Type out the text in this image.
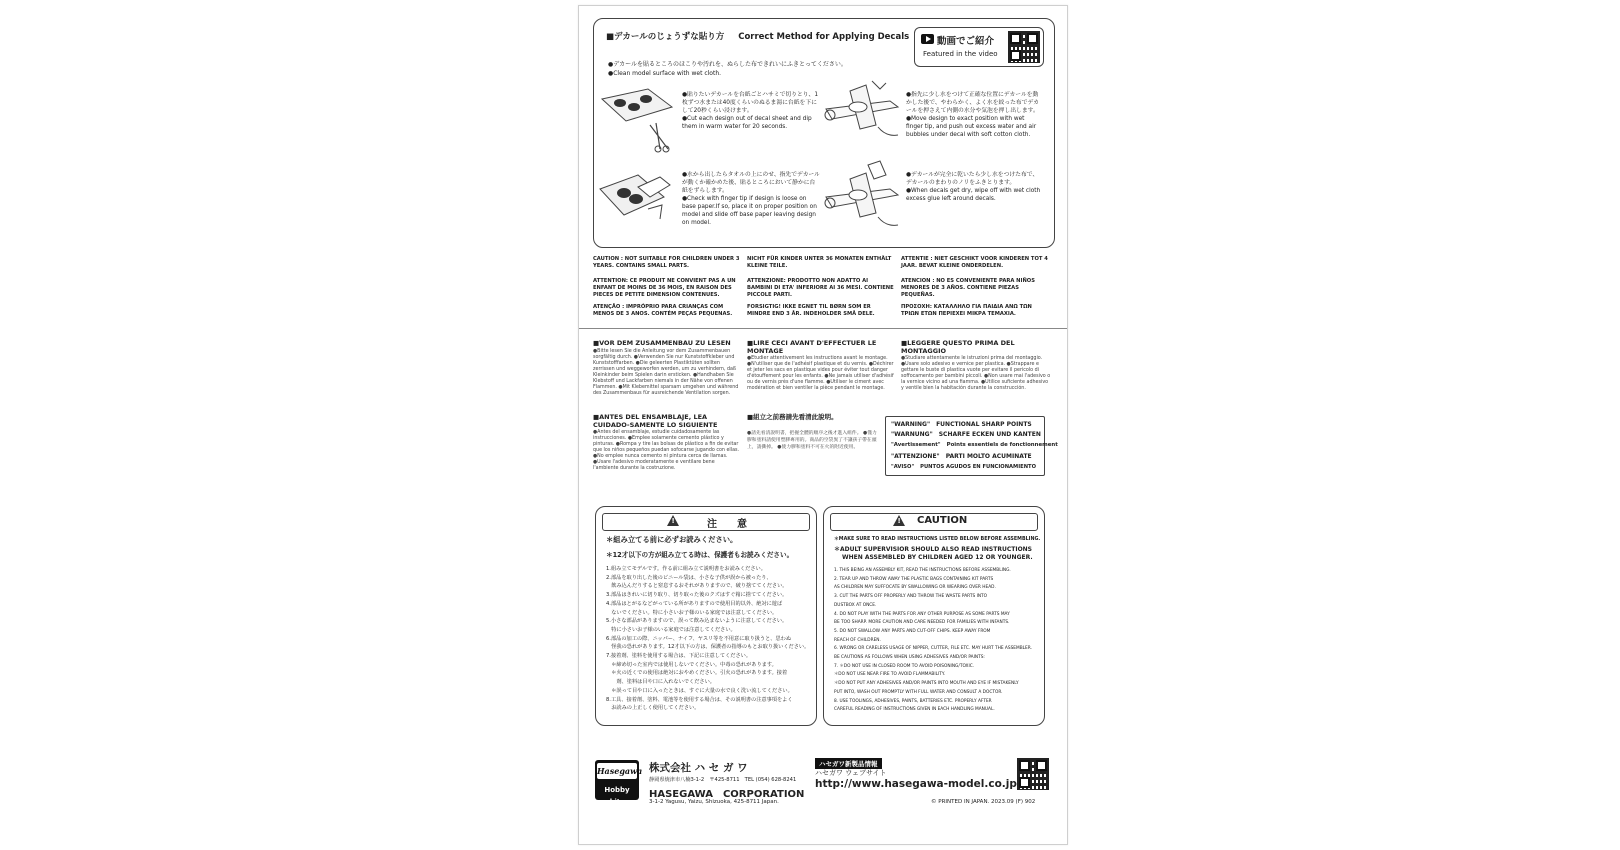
■デカールのじょうずな貼り方 Correct Method for Applying Decals	動画でご紹介
Featured in the video
●デカールを貼るところのほこりや汚れを、ぬらした布できれいにふきとってください。
●Clean model surface with wet cloth.
●貼りたいデカールを台紙ごとハサミで切りとり、1枚ずつ水または40度くらいのぬるま湯に台紙を下にして20秒くらい浸けます。
●Cut each design out of decal sheet and dip them in warm water for 20 seconds.
●指先に少し水をつけて正確な位置にデカールを動かした後で、やわらかく、よく水を絞った布でデカールを押さえて内側の水分や気泡を押し出します。
●Move design to exact position with wet finger tip, and push out excess water and air bubbles under decal with soft cotton cloth.
●水から出したらタオルの上にのせ、指先でデカールが動くか確かめた後、貼るところにおいて静かに台紙をずらします。
●Check with finger tip if design is loose on base paper.If so, place it on proper position on model and slide off base paper leaving design on model.
●デカールが完全に乾いたら少し水をつけた布で、デカールのまわりのノリをふきとります。
●When decals get dry, wipe off with wet cloth excess glue left around decals.
CAUTION : NOT SUITABLE FOR CHILDREN UNDER 3 YEARS. CONTAINS SMALL PARTS.
NICHT FÜR KINDER UNTER 36 MONATEN ENTHÄLT KLEINE TEILE.
ATTENTIE : NIET GESCHIKT VOOR KINDEREN TOT 4 JAAR. BEVAT KLEINE ONDERDELEN.
ATTENTION: CE PRODUIT NE CONVIENT PAS A UN ENFANT DE MOINS DE 36 MOIS, EN RAISON DES PIECES DE PETITE DIMENSION CONTENUES.
ATTENZIONE: PRODOTTO NON ADATTO AI BAMBINI DI ETA' INFERIORE AI 36 MESI. CONTIENE PICCOLE PARTI.
ATENCION : NO ES CONVENIENTE PARA NIÑOS MENORES DE 3 AÑOS. CONTIENE PIEZAS PEQUEÑAS.
ATENÇÃO : IMPRÓPRIO PARA CRIANÇAS COM MENOS DE 3 ANOS. CONTÉM PEÇAS PEQUENAS.
FORSIGTIG! IKKE EGNET TIL BØRN SOM ER MINDRE END 3 ÅR. INDEHOLDER SMÅ DELE.
ΠΡΟΣΟΧΗ: ΚΑΤΑΛΛΗΛΟ ΓΙΑ ΠΑΙΔΙΑ ΑΝΩ ΤΩΝ ΤΡΙΩΝ ΕΤΩΝ ΠΕΡΙΕΧΕΙ ΜΙΚΡΑ ΤΕΜΑΧΙΑ.
■VOR DEM ZUSAMMENBAU ZU LESEN
●Bitte lesen Sie die Anleitung vor dem Zusammenbauen sorgfältig durch. ●Verwenden Sie nur Kunststoffkleber und Kunststofffarben. ●Die geleerten Plastiktüten sollten zerrissen und weggeworfen werden, um zu verhindern, daß Kleinkinder beim Spielen darin ersticken. ●Handhaben Sie Klebstoff und Lackfarben niemals in der Nähe von offenen Flammen. ●Mit Klebemittel sparsam umgehen und während des Zusammenbaus für ausreichende Ventilation sorgen.
■LIRE CECI AVANT D'EFFECTUER LE MONTAGE
●Etudier attentivement les instructions avant le montage. ●N'utiliser que de l'adhésif plastique et du vernis. ●Déchirer et jeter les sacs en plastique vides pour éviter tout danger d'étouffement pour les enfants. ●Ne jamais utiliser d'adhésif ou de vernis près d'une flamme. ●Utiliser le ciment avec modération et bien ventiler la pièce pendant le montage.
■LEGGERE QUESTO PRIMA DEL MONTAGGIO
●Studiare attentamente le istruzioni prima del montaggio. ●Usare solo adesivo e vernice per plastica. ●Strappare e gettare le buste di plastica vuote per evitare il pericolo di soffocamento per bambini piccoli. ●Non usare mai l'adesivo o la vernice vicino ad una fiamma. ●Utilice suficiente adhesivo y ventile bien la habitación durante la construcción.
■ANTES DEL ENSAMBLAJE, LEA CUIDADO-SAMENTE LO SIGUIENTE
●Antes del ensamblaje, estudie cuidadosamente las instrucciones. ●Emplee solamente cemento plástico y pinturas. ●Rompa y tire las bolsas de plástico a fin de evitar que los niños pequeños puedan sofocarse jugando con ellas. ●No emplee nunca cemento ni pintura cerca de llamas. ●Usare l'adesivo moderatamente e ventilare bene l'ambiente durante la costruzione.
■組立之前務請先看清此說明。
●請先看清說明書，把握全體的順序之後才進入組件。 ●僅力膠和塗料請使用塑膠專用的。商品的空袋異了不讓孩子帶在頭上，請撕掉。 ●使力膠和塗料不可在火的附近使用。
"WARNING" FUNCTIONAL SHARP POINTS
"WARNUNG" SCHARFE ECKEN UND KANTEN
"Avertissement" Points essentiels de fonctionnement
"ATTENZIONE" PARTI MOLTO ACUMINATE
"AVISO" PUNTOS AGUDOS EN FUNCIONAMIENTO
!
注　　意
＊組み立てる前に必ずお読みください。
＊12才以下の方が組み立てる時は、保護者もお読みください。
1.組み立てモデルです。作る前に組み立て説明書をお読みください。
2.部品を取り出した後のビニール袋は、小さな子供が誤から被ったり、
　飲み込んだりすると窒息するおそれがありますので、破り捨ててください。
3.部品はきれいに切り取り、切り取った後のクズはすぐ箱に捨ててください。
4.部品はとがるなどがっている所がありますので使用目的以外、絶対に遊ば
　ないでください。特に小さいお子様のいる家庭では注意してください。
5.小さな部品がありますので、誤って飲み込まないように注意してください。
　特に小さいお子様のいる家庭では注意してください。
6.部品の加工の際、ニッパー、ナイフ、ヤスリ等を不用意に取り扱うと、思わぬ
　怪我の恐れがあります。12才以下の方は、保護者の指導のもとお取り扱いください。
7.接着剤、塗料を使用する場合は、下記に注意してください。
　＊締め切った室内では使用しないでください。中毒の恐れがあります。
　＊火の近くでの使用は絶対におやめください。引火の恐れがあります。接着
　　剤、塗料は目や口に入れないでください。
　＊誤って目や口に入ったときは、すぐに大量の水で良く洗い流してください。
8.工具、接着剤、塗料、電池等を使用する場合は、その説明書の注意事項をよく
　お読みの上正しく使用してください。
!
CAUTION
＊MAKE SURE TO READ INSTRUCTIONS LISTED BELOW BEFORE ASSEMBLING.
＊ADULT SUPERVISIOR SHOULD ALSO READ INSTRUCTIONS
WHEN ASSEMBLED BY CHILDREN AGED 12 OR YOUNGER.
1. THIS BEING AN ASSEMBLY KIT, READ THE INSTRUCTIONS BEFORE ASSEMBLING.
2. TEAR UP AND THROW AWAY THE PLASTIC BAGS CONTAINING KIT PARTS
AS CHILDREN MAY SUFFOCATE BY SWALLOWING OR WEARING OVER HEAD.
3. CUT THE PARTS OFF PROPERLY AND THROW THE WASTE PARTS INTO
DUSTBOX AT ONCE.
4. DO NOT PLAY WITH THE PARTS FOR ANY OTHER PURPOSE AS SOME PARTS MAY
BE TOO SHARP. MORE CAUTION AND CARE NEEDED FOR FAMILIES WITH INFANTS.
5. DO NOT SWALLOW ANY PARTS AND CUT-OFF CHIPS. KEEP AWAY FROM
REACH OF CHILDREN.
6. WRONG OR CARELESS USAGE OF NIPPER, CUTTER, FILE ETC. MAY HURT THE ASSEMBLER.
BE CAUTIONS AS FOLLOWS WHEN USING ADHESIVES AND/OR PAINTS:
7. ＊DO NOT USE IN CLOSED ROOM TO AVOID POISONING/TOXIC.
＊DO NOT USE NEAR FIRE TO AVOID FLAMMABILITY.
＊DO NOT PUT ANY ADHESIVES AND/OR PAINTS INTO MOUTH AND EYE IF MISTAKENLY
PUT INTO, WASH OUT PROMPTLY WITH FULL WATER AND CONSULT A DOCTOR.
8. USE TOOLINGS, ADHESIVES, PAINTS, BATTERIES ETC. PROPERLY AFTER
CAREFUL READING OF INSTRUCTIONS GIVEN IN EACH HANDLING MANUAL.
Hasegawa
Hobby kits
株式会社 ハ セ ガ ワ
静岡県焼津市八楠3-1-2　〒425-8711　TEL (054) 628-8241
HASEGAWA　CORPORATION
3-1-2 Yagusu, Yaizu, Shizuoka, 425-8711 Japan.
ハセガワ新製品情報
ハセガワ ウェブサイト
http://www.hasegawa-model.co.jp
© PRINTED IN JAPAN. 2023.09 (F) 902
